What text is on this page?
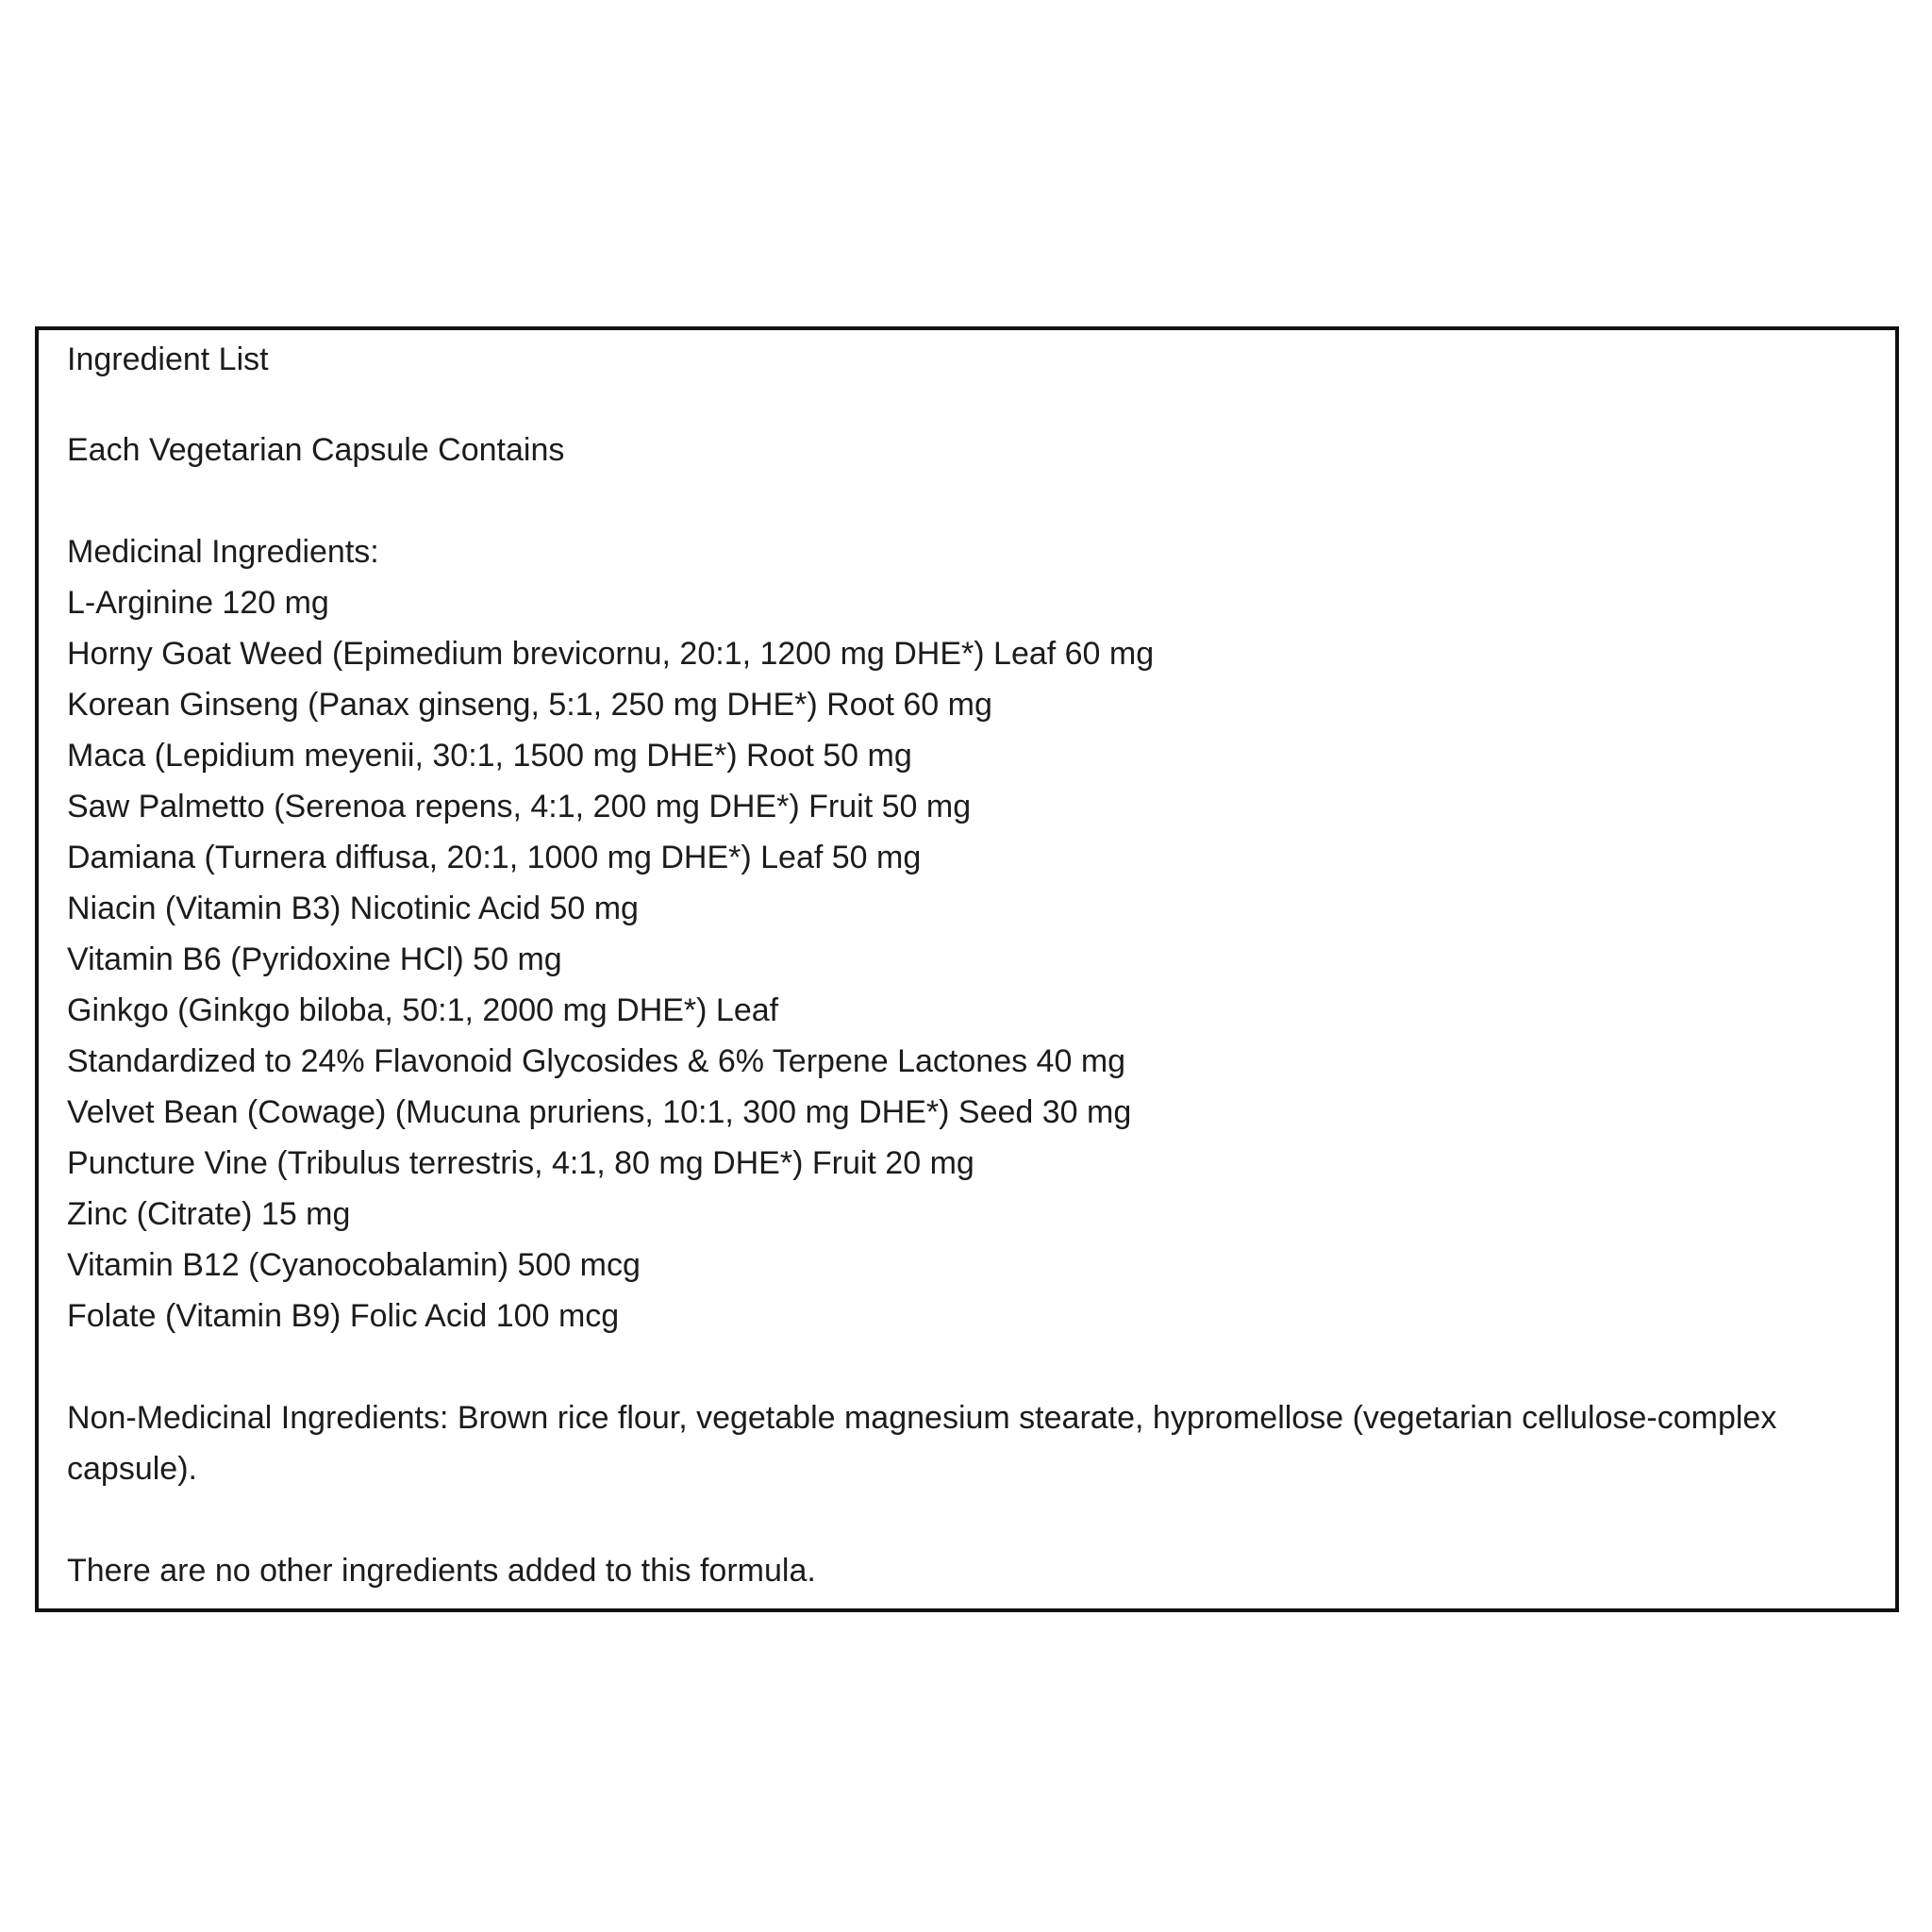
Ingredient List

Each Vegetarian Capsule Contains

Medicinal Ingredients:

L-Arginine 120 mg
Horny Goat Weed (Epimedium brevicornu, 20:1, 1200 mg DHE*) Leaf 60 mg
Korean Ginseng (Panax ginseng, 5:1, 250 mg DHE*) Root 60 mg
Maca (Lepidium meyenii, 30:1, 1500 mg DHE*) Root 50 mg
Saw Palmetto (Serenoa repens, 4:1, 200 mg DHE*) Fruit 50 mg
Damiana (Turnera diffusa, 20:1, 1000 mg DHE*) Leaf 50 mg
Niacin (Vitamin B3) Nicotinic Acid 50 mg
Vitamin B6 (Pyridoxine HCl) 50 mg
Ginkgo (Ginkgo biloba, 50:1, 2000 mg DHE*) Leaf
Standardized to 24% Flavonoid Glycosides & 6% Terpene Lactones 40 mg
Velvet Bean (Cowage) (Mucuna pruriens, 10:1, 300 mg DHE*) Seed 30 mg
Puncture Vine (Tribulus terrestris, 4:1, 80 mg DHE*) Fruit 20 mg
Zinc (Citrate) 15 mg
Vitamin B12 (Cyanocobalamin) 500 mcg
Folate (Vitamin B9) Folic Acid 100 mcg

Non-Medicinal Ingredients: Brown rice flour, vegetable magnesium stearate, hypromellose (vegetarian cellulose-complex capsule).

There are no other ingredients added to this formula.
